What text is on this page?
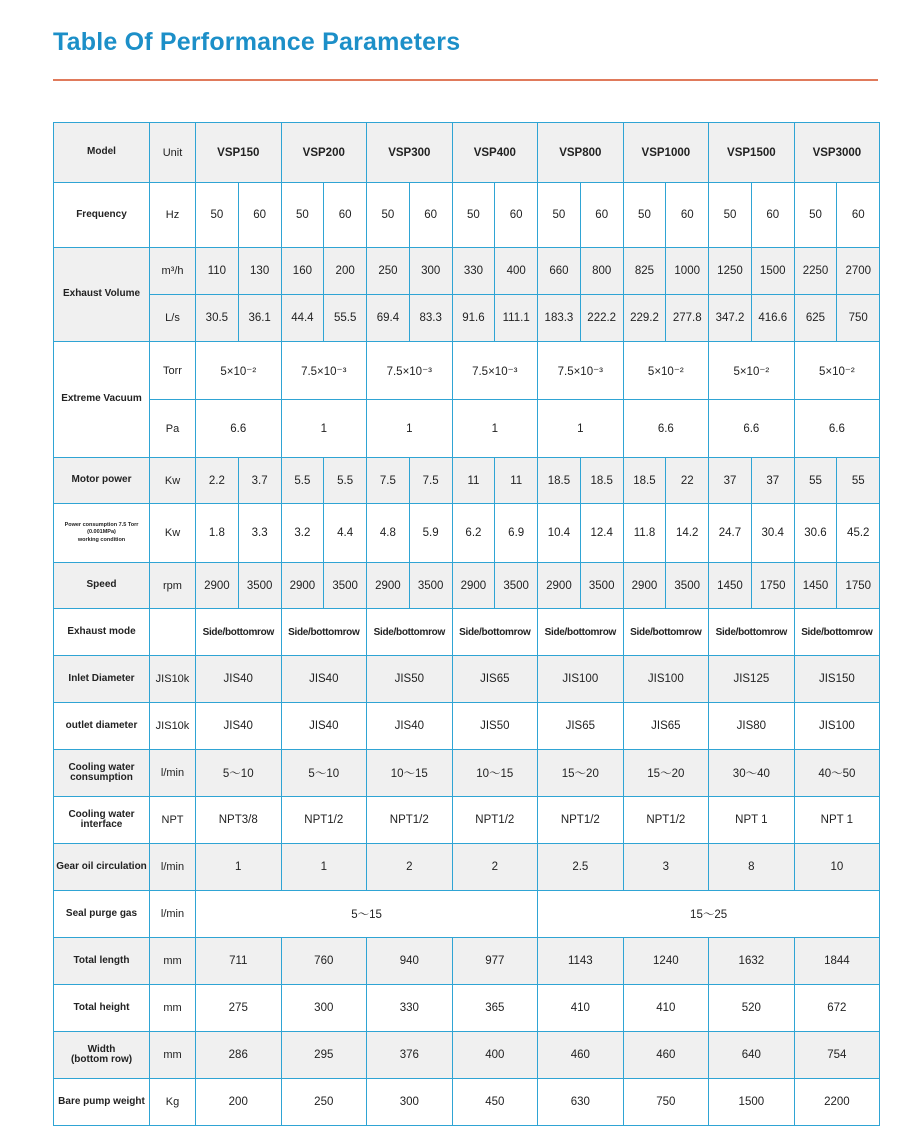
Table Of Performance Parameters
Model	Unit	VSP150		VSP200		VSP300		VSP400		VSP800		VSP1000		VSP1500		VSP3000	
Frequency	Hz	50	60	50	60	50	60	50	60	50	60	50	60	50	60	50	60
Exhaust Volume	m³/h	110	130	160	200	250	300	330	400	660	800	825	1000	1250	1500	2250	2700
	L/s	30.5	36.1	44.4	55.5	69.4	83.3	91.6	111.1	183.3	222.2	229.2	277.8	347.2	416.6	625	750
Extreme Vacuum	Torr	5×10⁻²		7.5×10⁻³		7.5×10⁻³		7.5×10⁻³		7.5×10⁻³		5×10⁻²		5×10⁻²		5×10⁻²	
	Pa	6.6		1		1		1		1		6.6		6.6		6.6	
Motor power	Kw	2.2	3.7	5.5	5.5	7.5	7.5	11	11	18.5	18.5	18.5	22	37	37	55	55
Power consumption 7.5 Torr
(0.001MPa)
working condition	Kw	1.8	3.3	3.2	4.4	4.8	5.9	6.2	6.9	10.4	12.4	11.8	14.2	24.7	30.4	30.6	45.2
Speed	rpm	2900	3500	2900	3500	2900	3500	2900	3500	2900	3500	2900	3500	1450	1750	1450	1750
Exhaust mode		Side/bottomrow		Side/bottomrow		Side/bottomrow		Side/bottomrow		Side/bottomrow		Side/bottomrow		Side/bottomrow		Side/bottomrow	
Inlet Diameter	JIS10k	JIS40		JIS40		JIS50		JIS65		JIS100		JIS100		JIS125		JIS150	
outlet diameter	JIS10k	JIS40		JIS40		JIS40		JIS50		JIS65		JIS65		JIS80		JIS100	
Cooling water
consumption	l/min	5～10		5～10		10～15		10～15		15～20		15～20		30～40		40～50	
Cooling water
interface	NPT	NPT3/8		NPT1/2		NPT1/2		NPT1/2		NPT1/2		NPT1/2		NPT 1		NPT 1	
Gear oil circulation	l/min	1		1		2		2		2.5		3		8		10	
Seal purge gas	l/min	5～15								15～25							
Total length	mm	711		760		940		977		1143		1240		1632		1844	
Total height	mm	275		300		330		365		410		410		520		672	
Width
(bottom row)	mm	286		295		376		400		460		460		640		754	
Bare pump weight	Kg	200		250		300		450		630		750		1500		2200	
